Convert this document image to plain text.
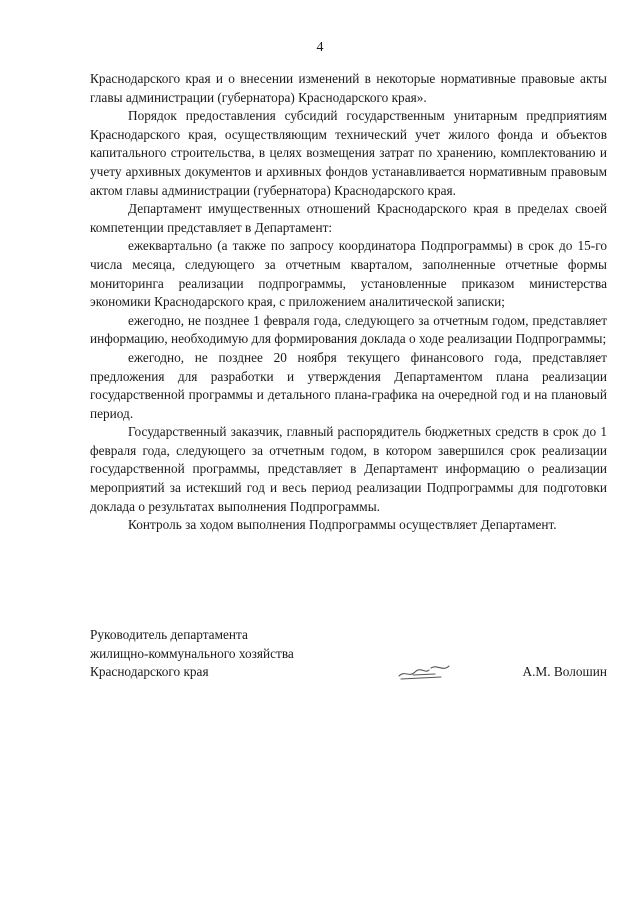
4

Краснодарского края и о внесении изменений в некоторые нормативные правовые акты главы администрации (губернатора) Краснодарского края».

Порядок предоставления субсидий государственным унитарным предприятиям Краснодарского края, осуществляющим технический учет жилого фонда и объектов капитального строительства, в целях возмещения затрат по хранению, комплектованию и учету архивных документов и архивных фондов устанавливается нормативным правовым актом главы администрации (губернатора) Краснодарского края.

Департамент имущественных отношений Краснодарского края в пределах своей компетенции представляет в Департамент:

ежеквартально (а также по запросу координатора Подпрограммы) в срок до 15-го числа месяца, следующего за отчетным кварталом, заполненные отчетные формы мониторинга реализации подпрограммы, установленные приказом министерства экономики Краснодарского края, с приложением аналитической записки;

ежегодно, не позднее 1 февраля года, следующего за отчетным годом, представляет информацию, необходимую для формирования доклада о ходе реализации Подпрограммы;

ежегодно, не позднее 20 ноября текущего финансового года, представляет предложения для разработки и утверждения Департаментом плана реализации государственной программы и детального плана-графика на очередной год и на плановый период.

Государственный заказчик, главный распорядитель бюджетных средств в срок до 1 февраля года, следующего за отчетным годом, в котором завершился срок реализации государственной программы, представляет в Департамент информацию о реализации мероприятий за истекший год и весь период реализации Подпрограммы для подготовки доклада о результатах выполнения Подпрограммы.

Контроль за ходом выполнения Подпрограммы осуществляет Департамент.

Руководитель департамента
жилищно-коммунального хозяйства
Краснодарского края	А.М. Волошин
